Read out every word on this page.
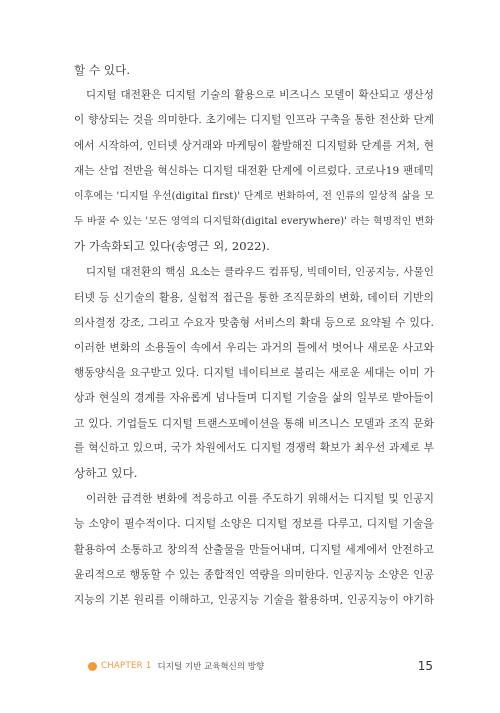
할 수 있다.
디지털 대전환은 디지털 기술의 활용으로 비즈니스 모델이 확산되고 생산성
이 향상되는 것을 의미한다. 초기에는 디지털 인프라 구축을 통한 전산화 단계
에서 시작하여, 인터넷 상거래와 마케팅이 활발해진 디지털화 단계를 거쳐, 현
재는 산업 전반을 혁신하는 디지털 대전환 단계에 이르렀다. 코로나19 팬데믹
이후에는 '디지털 우선(digital first)' 단계로 변화하여, 전 인류의 일상적 삶을 모
두 바꿀 수 있는 '모든 영역의 디지털화(digital everywhere)' 라는 혁명적인 변화
가 가속화되고 있다(송영근 외, 2022).
디지털 대전환의 핵심 요소는 클라우드 컴퓨팅, 빅데이터, 인공지능, 사물인
터넷 등 신기술의 활용, 실험적 접근을 통한 조직문화의 변화, 데이터 기반의
의사결정 강조, 그리고 수요자 맞춤형 서비스의 확대 등으로 요약될 수 있다.
이러한 변화의 소용돌이 속에서 우리는 과거의 틀에서 벗어나 새로운 사고와
행동양식을 요구받고 있다. 디지털 네이티브로 불리는 새로운 세대는 이미 가
상과 현실의 경계를 자유롭게 넘나들며 디지털 기술을 삶의 일부로 받아들이
고 있다. 기업들도 디지털 트랜스포메이션을 통해 비즈니스 모델과 조직 문화
를 혁신하고 있으며, 국가 차원에서도 디지털 경쟁력 확보가 최우선 과제로 부
상하고 있다.
이러한 급격한 변화에 적응하고 이를 주도하기 위해서는 디지털 및 인공지
능 소양이 필수적이다. 디지털 소양은 디지털 정보를 다루고, 디지털 기술을
활용하여 소통하고 창의적 산출물을 만들어내며, 디지털 세계에서 안전하고
윤리적으로 행동할 수 있는 종합적인 역량을 의미한다. 인공지능 소양은 인공
지능의 기본 원리를 이해하고, 인공지능 기술을 활용하며, 인공지능이 야기하
CHAPTER 1 디지털 기반 교육혁신의 방향	15
